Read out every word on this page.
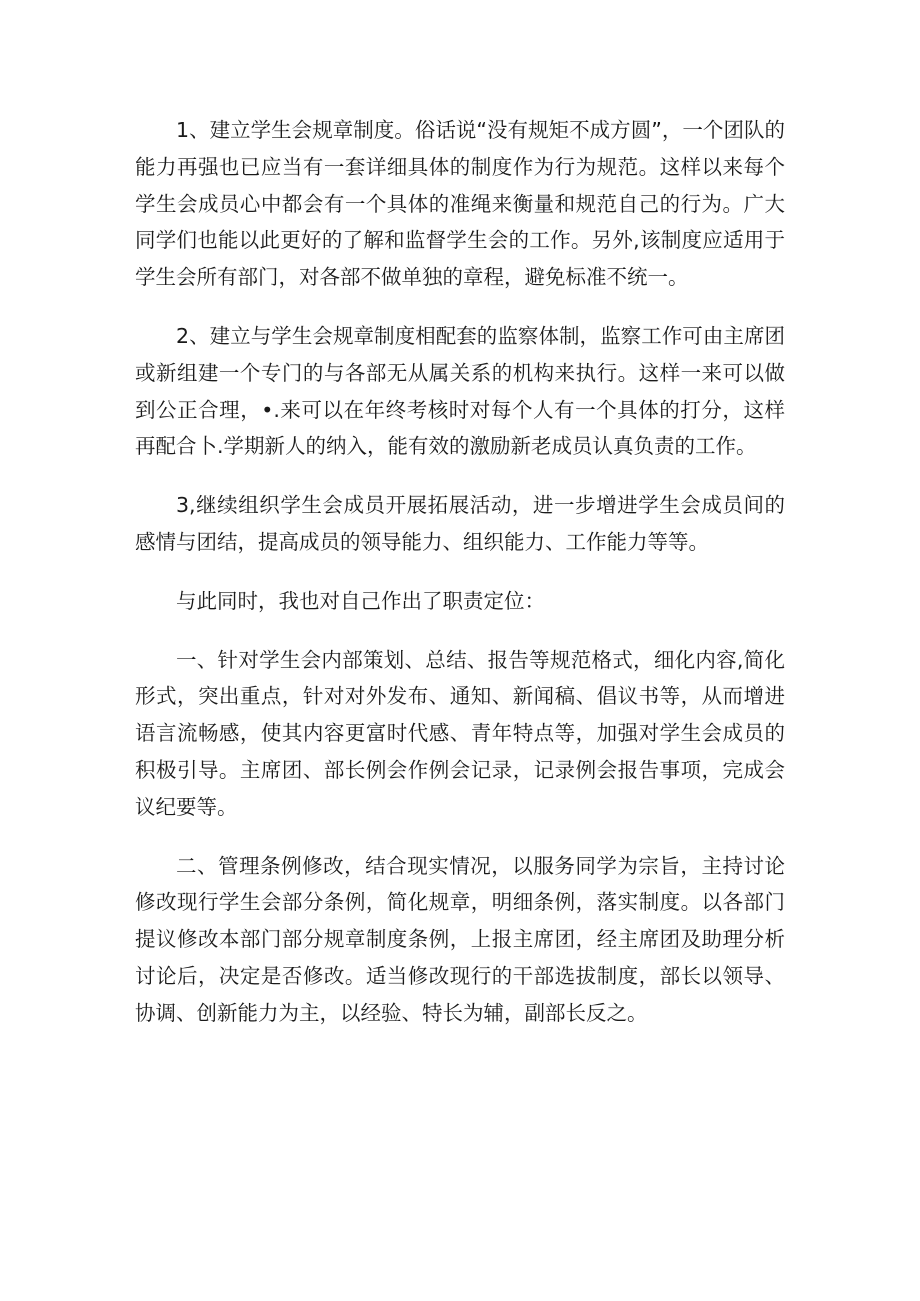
1、建立学生会规章制度。俗话说“没有规矩不成方圆”，一个团队的能力再强也已应当有一套详细具体的制度作为行为规范。这样以来每个学生会成员心中都会有一个具体的准绳来衡量和规范自己的行为。广大同学们也能以此更好的了解和监督学生会的工作。另外,该制度应适用于学生会所有部门，对各部不做单独的章程，避免标准不统一。

2、建立与学生会规章制度相配套的监察体制，监察工作可由主席团或新组建一个专门的与各部无从属关系的机构来执行。这样一来可以做到公正合理，•.来可以在年终考核时对每个人有一个具体的打分，这样再配合卜.学期新人的纳入，能有效的激励新老成员认真负责的工作。

3,继续组织学生会成员开展拓展活动，进一步增进学生会成员间的感情与团结，提高成员的领导能力、组织能力、工作能力等等。

与此同时，我也对自己作出了职责定位：

一、针对学生会内部策划、总结、报告等规范格式，细化内容,简化形式，突出重点，针对对外发布、通知、新闻稿、倡议书等，从而增进语言流畅感，使其内容更富时代感、青年特点等，加强对学生会成员的积极引导。主席团、部长例会作例会记录，记录例会报告事项，完成会议纪要等。

二、管理条例修改，结合现实情况，以服务同学为宗旨，主持讨论修改现行学生会部分条例，简化规章，明细条例，落实制度。以各部门提议修改本部门部分规章制度条例，上报主席团，经主席团及助理分析讨论后，决定是否修改。适当修改现行的干部选拔制度，部长以领导、协调、创新能力为主，以经验、特长为辅，副部长反之。
